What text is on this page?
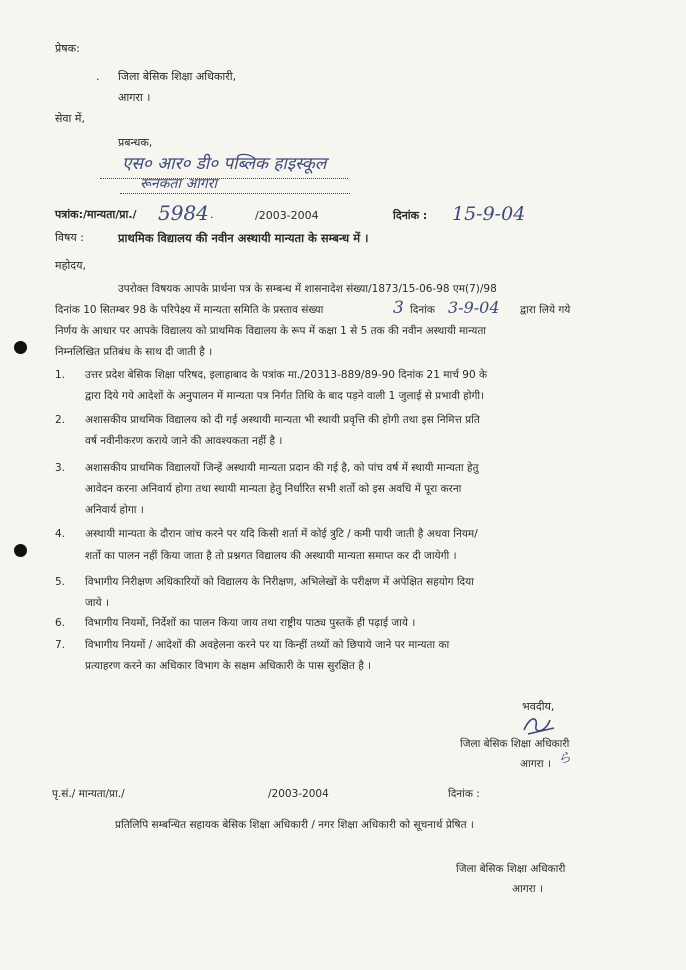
प्रेषक:
. जिला बेसिक शिक्षा अधिकारी,
आगरा ।
सेवा में,
प्रबन्धक,
एस० आर० डी० पब्लिक हाइस्कूल
रूनकता आगरा
पत्रांक:/मान्यता/प्रा./ 5984 .	/2003-2004	दिनांक : 15-9-04
विषय :	प्राथमिक विद्यालय की नवीन अस्थायी मान्यता के सम्बन्ध में ।
महोदय,
उपरोक्त विषयक आपके प्रार्थना पत्र के सम्बन्ध में शासनादेश संख्या/1873/15-06-98 एम(7)/98
दिनांक 10 सितम्बर 98 के परिपेक्ष्य में मान्यता समिति के प्रस्ताव संख्या	3 दिनांक 3-9-04 द्वारा लिये गये
निर्णय के आधार पर आपके विद्यालय को प्राथमिक विद्यालय के रूप में कक्षा 1 से 5 तक की नवीन अस्थायी मान्यता
निम्नलिखित प्रतिबंध के साथ दी जाती है ।
1. उत्तर प्रदेश बेसिक शिक्षा परिषद, इलाहाबाद के पत्रांक मा./20313-889/89-90 दिनांक 21 मार्च 90 के
द्वारा दिये गये आदेशों के अनुपालन में मान्यता पत्र निर्गत तिथि के बाद पड़ने वाली 1 जुलाई से प्रभावी होगी।
2. अशासकीय प्राथमिक विद्यालय को दी गई अस्थायी मान्यता भी स्थायी प्रवृत्ति की होगी तथा इस निमित्त प्रति
वर्ष नवीनीकरण कराये जाने की आवश्यकता नहीं है ।
3. अशासकीय प्राथमिक विद्यालयों जिन्हें अस्थायी मान्यता प्रदान की गई है, को पांच वर्ष में स्थायी मान्यता हेतु
आवेदन करना अनिवार्य होगा तथा स्थायी मान्यता हेतु निर्धारित सभी शर्तो को इस अवधि में पूरा करना
अनिवार्य होगा ।
4. अस्थायी मान्यता के दौरान जांच करने पर यदि किसी शर्ता में कोई त्रुटि / कमी पायी जाती है अथवा नियम/
शर्तो का पालन नहीं किया जाता है तो प्रश्नगत विद्यालय की अस्थायी मान्यता समाप्त कर दी जायेगी ।
5. विभागीय निरीक्षण अधिकारियों को विद्यालय के निरीक्षण, अभिलेखों के परीक्षण में अपेक्षित सहयोग दिया
जाये ।
6. विभागीय नियमों, निर्देशों का पालन किया जाय तथा राष्ट्रीय पाठ्य पुस्तकें ही पढ़ाई जाये ।
7. विभागीय नियमों / आदेशों की अवहेलना करने पर या किन्हीं तथ्यों को छिपाये जाने पर मान्यता का
प्रत्याहरण करने का अधिकार विभाग के सक्षम अधिकारी के पास सुरक्षित है ।
भवदीय,
जिला बेसिक शिक्षा अधिकारी
आगरा । ら
पृ.सं./ मान्यता/प्रा./	/2003-2004	दिनांक :
प्रतिलिपि सम्बन्धित सहायक बेसिक शिक्षा अधिकारी / नगर शिक्षा अधिकारी को सूचनार्थ प्रेषित ।
जिला बेसिक शिक्षा अधिकारी
आगरा ।
